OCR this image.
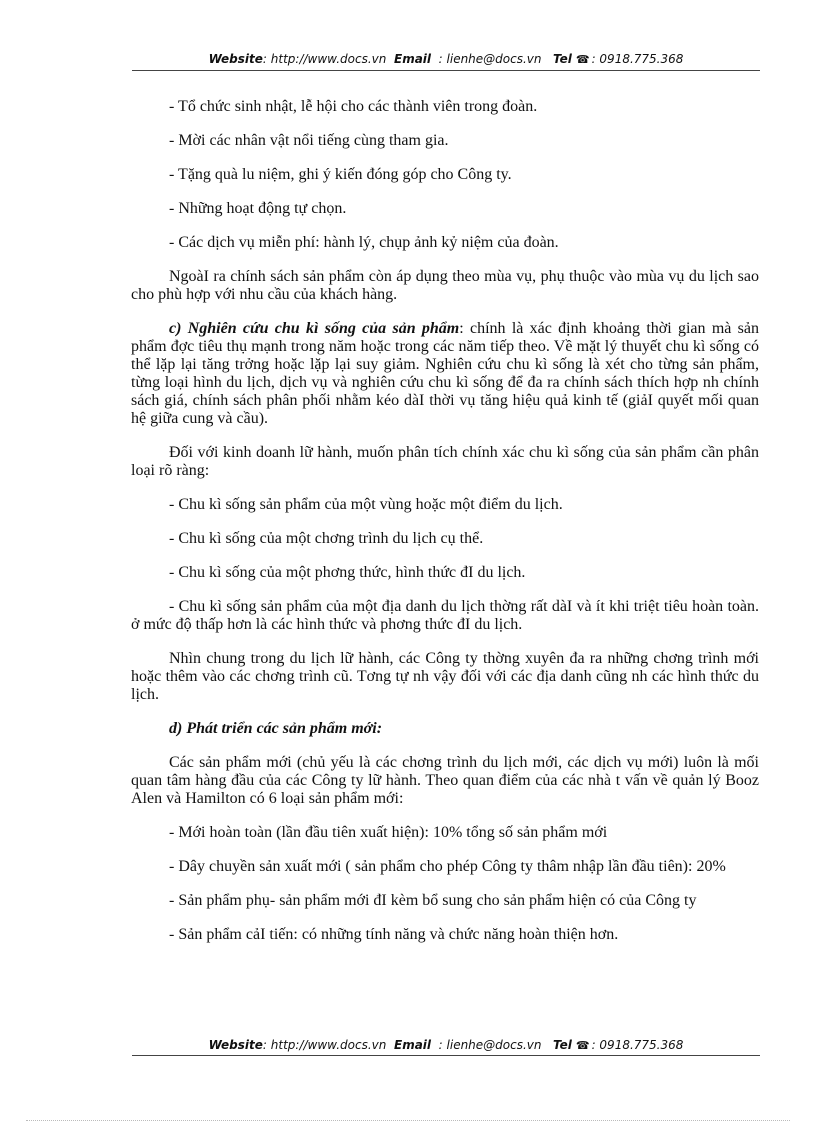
Website: http://www.docs.vn Email : lienhe@docs.vn Tel ☎ : 0918.775.368

- Tổ chức sinh nhật, lễ hội cho các thành viên trong đoàn.

- Mời các nhân vật nổi tiếng cùng tham gia.

- Tặng quà lu niệm, ghi ý kiến đóng góp cho Công ty.

- Những hoạt động tự chọn.

- Các dịch vụ miễn phí: hành lý, chụp ảnh kỷ niệm của đoàn.

NgoàI ra chính sách sản phẩm còn áp dụng theo mùa vụ, phụ thuộc vào mùa vụ du lịch sao cho phù hợp với nhu cầu của khách hàng.

c) Nghiên cứu chu kì sống của sản phẩm: chính là xác định khoảng thời gian mà sản phẩm đợc tiêu thụ mạnh trong năm hoặc trong các năm tiếp theo. Về mặt lý thuyết chu kì sống có thể lặp lại tăng trởng hoặc lặp lại suy giảm. Nghiên cứu chu kì sống là xét cho từng sản phẩm, từng loại hình du lịch, dịch vụ và nghiên cứu chu kì sống để đa ra chính sách thích hợp nh chính sách giá, chính sách phân phối nhằm kéo dàI thời vụ tăng hiệu quả kinh tế (giảI quyết mối quan hệ giữa cung và cầu).

Đối với kinh doanh lữ hành, muốn phân tích chính xác chu kì sống của sản phẩm cần phân loại rõ ràng:

- Chu kì sống sản phẩm của một vùng hoặc một điểm du lịch.

- Chu kì sống của một chơng trình du lịch cụ thể.

- Chu kì sống của một phơng thức, hình thức đI du lịch.

- Chu kì sống sản phẩm của một địa danh du lịch thờng rất dàI và ít khi triệt tiêu hoàn toàn. ở mức độ thấp hơn là các hình thức và phơng thức đI du lịch.

Nhìn chung trong du lịch lữ hành, các Công ty thờng xuyên đa ra những chơng trình mới hoặc thêm vào các chơng trình cũ. Tơng tự nh vậy đối với các địa danh cũng nh các hình thức du lịch.

d) Phát triển các sản phẩm mới:

Các sản phẩm mới (chủ yếu là các chơng trình du lịch mới, các dịch vụ mới) luôn là mối quan tâm hàng đầu của các Công ty lữ hành. Theo quan điểm của các nhà t vấn về quản lý Booz Alen và Hamilton có 6 loại sản phẩm mới:

- Mới hoàn toàn (lần đầu tiên xuất hiện): 10% tổng số sản phẩm mới

- Dây chuyền sản xuất mới ( sản phẩm cho phép Công ty thâm nhập lần đầu tiên): 20%

- Sản phẩm phụ- sản phẩm mới đI kèm bổ sung cho sản phẩm hiện có của Công ty

- Sản phẩm cảI tiến: có những tính năng và chức năng hoàn thiện hơn.

Website: http://www.docs.vn Email : lienhe@docs.vn Tel ☎ : 0918.775.368
